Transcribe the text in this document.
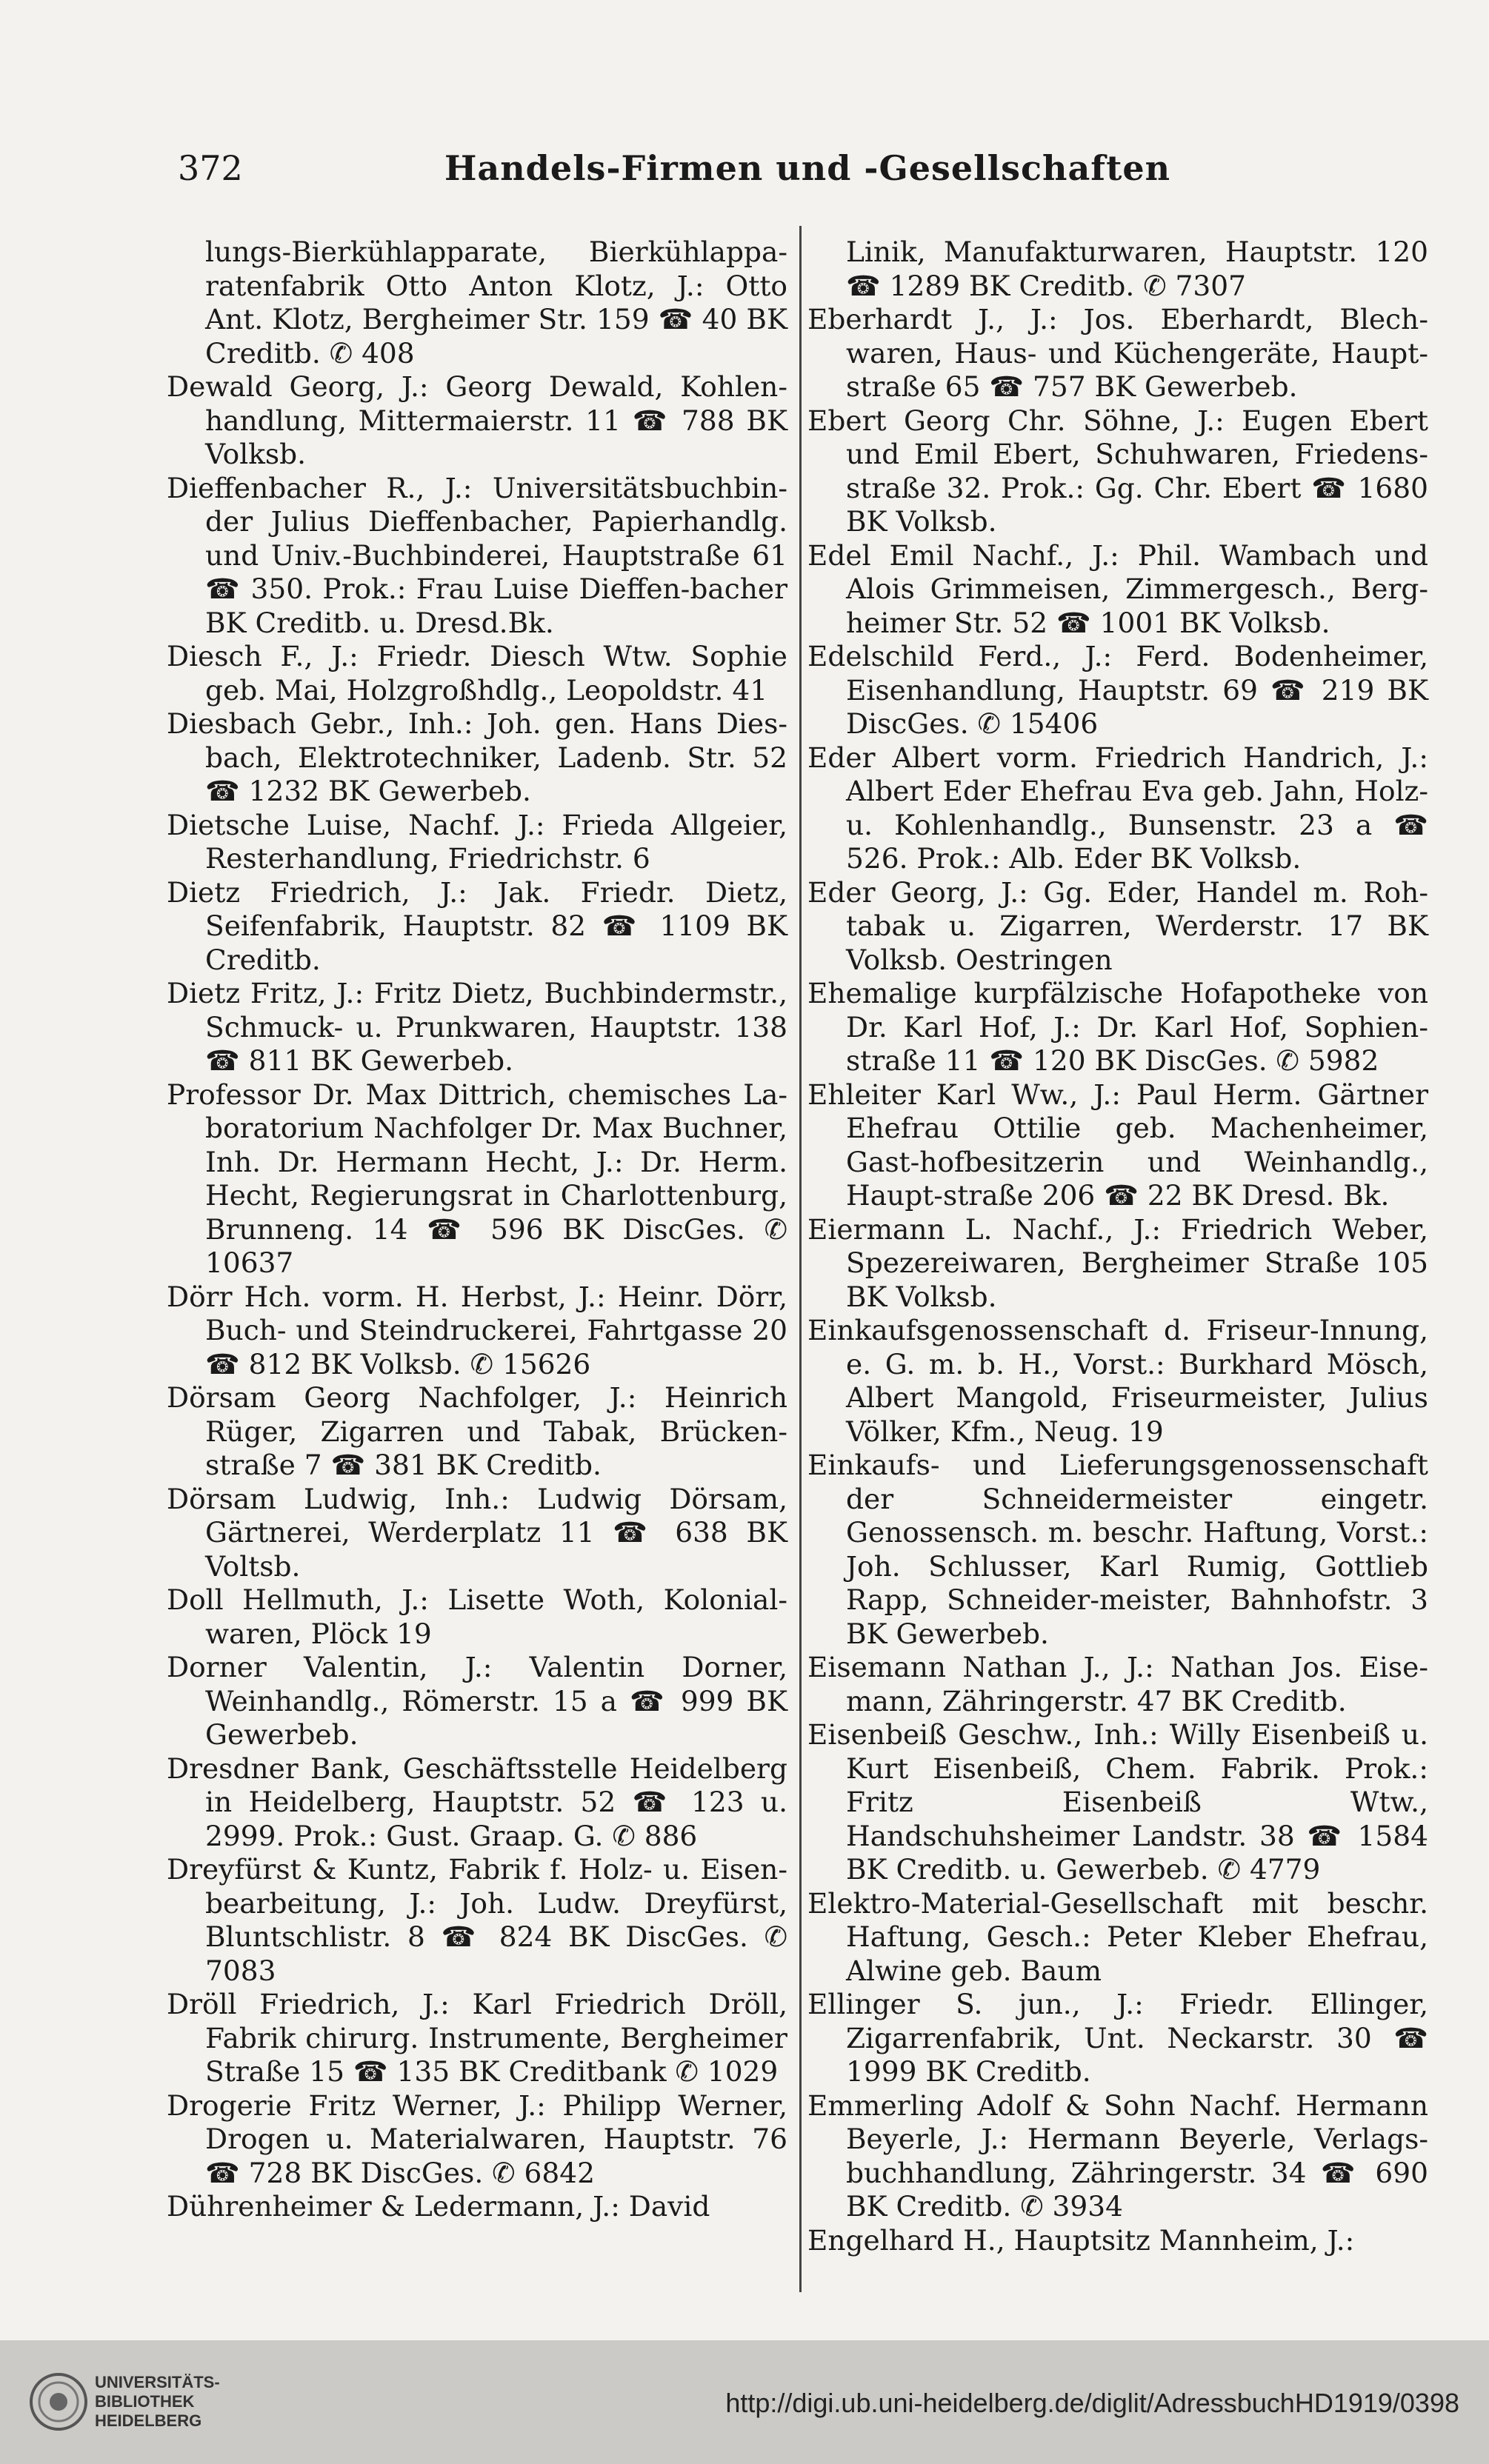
372	Handels-Firmen und -Gesellschaften

lungs-Bierkühlapparate, Bierkühlappa-ratenfabrik Otto Anton Klotz, J.: Otto Ant. Klotz, Bergheimer Str. 159 ☎ 40 BK Creditb. ✆ 408

Dewald Georg, J.: Georg Dewald, Kohlen-handlung, Mittermaierstr. 11 ☎ 788 BK Volksb.

Dieffenbacher R., J.: Universitätsbuchbin-der Julius Dieffenbacher, Papierhandlg. und Univ.-Buchbinderei, Hauptstraße 61 ☎ 350. Prok.: Frau Luise Dieffen-bacher BK Creditb. u. Dresd.Bk.

Diesch F., J.: Friedr. Diesch Wtw. Sophie geb. Mai, Holzgroßhdlg., Leopoldstr. 41

Diesbach Gebr., Inh.: Joh. gen. Hans Dies-bach, Elektrotechniker, Ladenb. Str. 52 ☎ 1232 BK Gewerbeb.

Dietsche Luise, Nachf. J.: Frieda Allgeier, Resterhandlung, Friedrichstr. 6

Dietz Friedrich, J.: Jak. Friedr. Dietz, Seifenfabrik, Hauptstr. 82 ☎ 1109 BK Creditb.

Dietz Fritz, J.: Fritz Dietz, Buchbindermstr., Schmuck- u. Prunkwaren, Hauptstr. 138 ☎ 811 BK Gewerbeb.

Professor Dr. Max Dittrich, chemisches La-boratorium Nachfolger Dr. Max Buchner, Inh. Dr. Hermann Hecht, J.: Dr. Herm. Hecht, Regierungsrat in Charlottenburg, Brunneng. 14 ☎ 596 BK DiscGes. ✆ 10637

Dörr Hch. vorm. H. Herbst, J.: Heinr. Dörr, Buch- und Steindruckerei, Fahrtgasse 20 ☎ 812 BK Volksb. ✆ 15626

Dörsam Georg Nachfolger, J.: Heinrich Rüger, Zigarren und Tabak, Brücken-straße 7 ☎ 381 BK Creditb.

Dörsam Ludwig, Inh.: Ludwig Dörsam, Gärtnerei, Werderplatz 11 ☎ 638 BK Voltsb.

Doll Hellmuth, J.: Lisette Woth, Kolonial-waren, Plöck 19

Dorner Valentin, J.: Valentin Dorner, Weinhandlg., Römerstr. 15 a ☎ 999 BK Gewerbeb.

Dresdner Bank, Geschäftsstelle Heidelberg in Heidelberg, Hauptstr. 52 ☎ 123 u. 2999. Prok.: Gust. Graap. G. ✆ 886

Dreyfürst & Kuntz, Fabrik f. Holz- u. Eisen-bearbeitung, J.: Joh. Ludw. Dreyfürst, Bluntschlistr. 8 ☎ 824 BK DiscGes. ✆ 7083

Dröll Friedrich, J.: Karl Friedrich Dröll, Fabrik chirurg. Instrumente, Bergheimer Straße 15 ☎ 135 BK Creditbank ✆ 1029

Drogerie Fritz Werner, J.: Philipp Werner, Drogen u. Materialwaren, Hauptstr. 76 ☎ 728 BK DiscGes. ✆ 6842

Dührenheimer & Ledermann, J.: David

Linik, Manufakturwaren, Hauptstr. 120 ☎ 1289 BK Creditb. ✆ 7307

Eberhardt J., J.: Jos. Eberhardt, Blech-waren, Haus- und Küchengeräte, Haupt-straße 65 ☎ 757 BK Gewerbeb.

Ebert Georg Chr. Söhne, J.: Eugen Ebert und Emil Ebert, Schuhwaren, Friedens-straße 32. Prok.: Gg. Chr. Ebert ☎ 1680 BK Volksb.

Edel Emil Nachf., J.: Phil. Wambach und Alois Grimmeisen, Zimmergesch., Berg-heimer Str. 52 ☎ 1001 BK Volksb.

Edelschild Ferd., J.: Ferd. Bodenheimer, Eisenhandlung, Hauptstr. 69 ☎ 219 BK DiscGes. ✆ 15406

Eder Albert vorm. Friedrich Handrich, J.: Albert Eder Ehefrau Eva geb. Jahn, Holz- u. Kohlenhandlg., Bunsenstr. 23 a ☎ 526. Prok.: Alb. Eder BK Volksb.

Eder Georg, J.: Gg. Eder, Handel m. Roh-tabak u. Zigarren, Werderstr. 17 BK Volksb. Oestringen

Ehemalige kurpfälzische Hofapotheke von Dr. Karl Hof, J.: Dr. Karl Hof, Sophien-straße 11 ☎ 120 BK DiscGes. ✆ 5982

Ehleiter Karl Ww., J.: Paul Herm. Gärtner Ehefrau Ottilie geb. Machenheimer, Gast-hofbesitzerin und Weinhandlg., Haupt-straße 206 ☎ 22 BK Dresd. Bk.

Eiermann L. Nachf., J.: Friedrich Weber, Spezereiwaren, Bergheimer Straße 105 BK Volksb.

Einkaufsgenossenschaft d. Friseur-Innung, e. G. m. b. H., Vorst.: Burkhard Mösch, Albert Mangold, Friseurmeister, Julius Völker, Kfm., Neug. 19

Einkaufs- und Lieferungsgenossenschaft der Schneidermeister eingetr. Genossensch. m. beschr. Haftung, Vorst.: Joh. Schlusser, Karl Rumig, Gottlieb Rapp, Schneider-meister, Bahnhofstr. 3 BK Gewerbeb.

Eisemann Nathan J., J.: Nathan Jos. Eise-mann, Zähringerstr. 47 BK Creditb.

Eisenbeiß Geschw., Inh.: Willy Eisenbeiß u. Kurt Eisenbeiß, Chem. Fabrik. Prok.: Fritz Eisenbeiß Wtw., Handschuhsheimer Landstr. 38 ☎ 1584 BK Creditb. u. Gewerbeb. ✆ 4779

Elektro-Material-Gesellschaft mit beschr. Haftung, Gesch.: Peter Kleber Ehefrau, Alwine geb. Baum

Ellinger S. jun., J.: Friedr. Ellinger, Zigarrenfabrik, Unt. Neckarstr. 30 ☎ 1999 BK Creditb.

Emmerling Adolf & Sohn Nachf. Hermann Beyerle, J.: Hermann Beyerle, Verlags-buchhandlung, Zähringerstr. 34 ☎ 690 BK Creditb. ✆ 3934

Engelhard H., Hauptsitz Mannheim, J.:

UNIVERSITÄTS-
BIBLIOTHEK
HEIDELBERG
http://digi.ub.uni-heidelberg.de/diglit/AdressbuchHD1919/0398
